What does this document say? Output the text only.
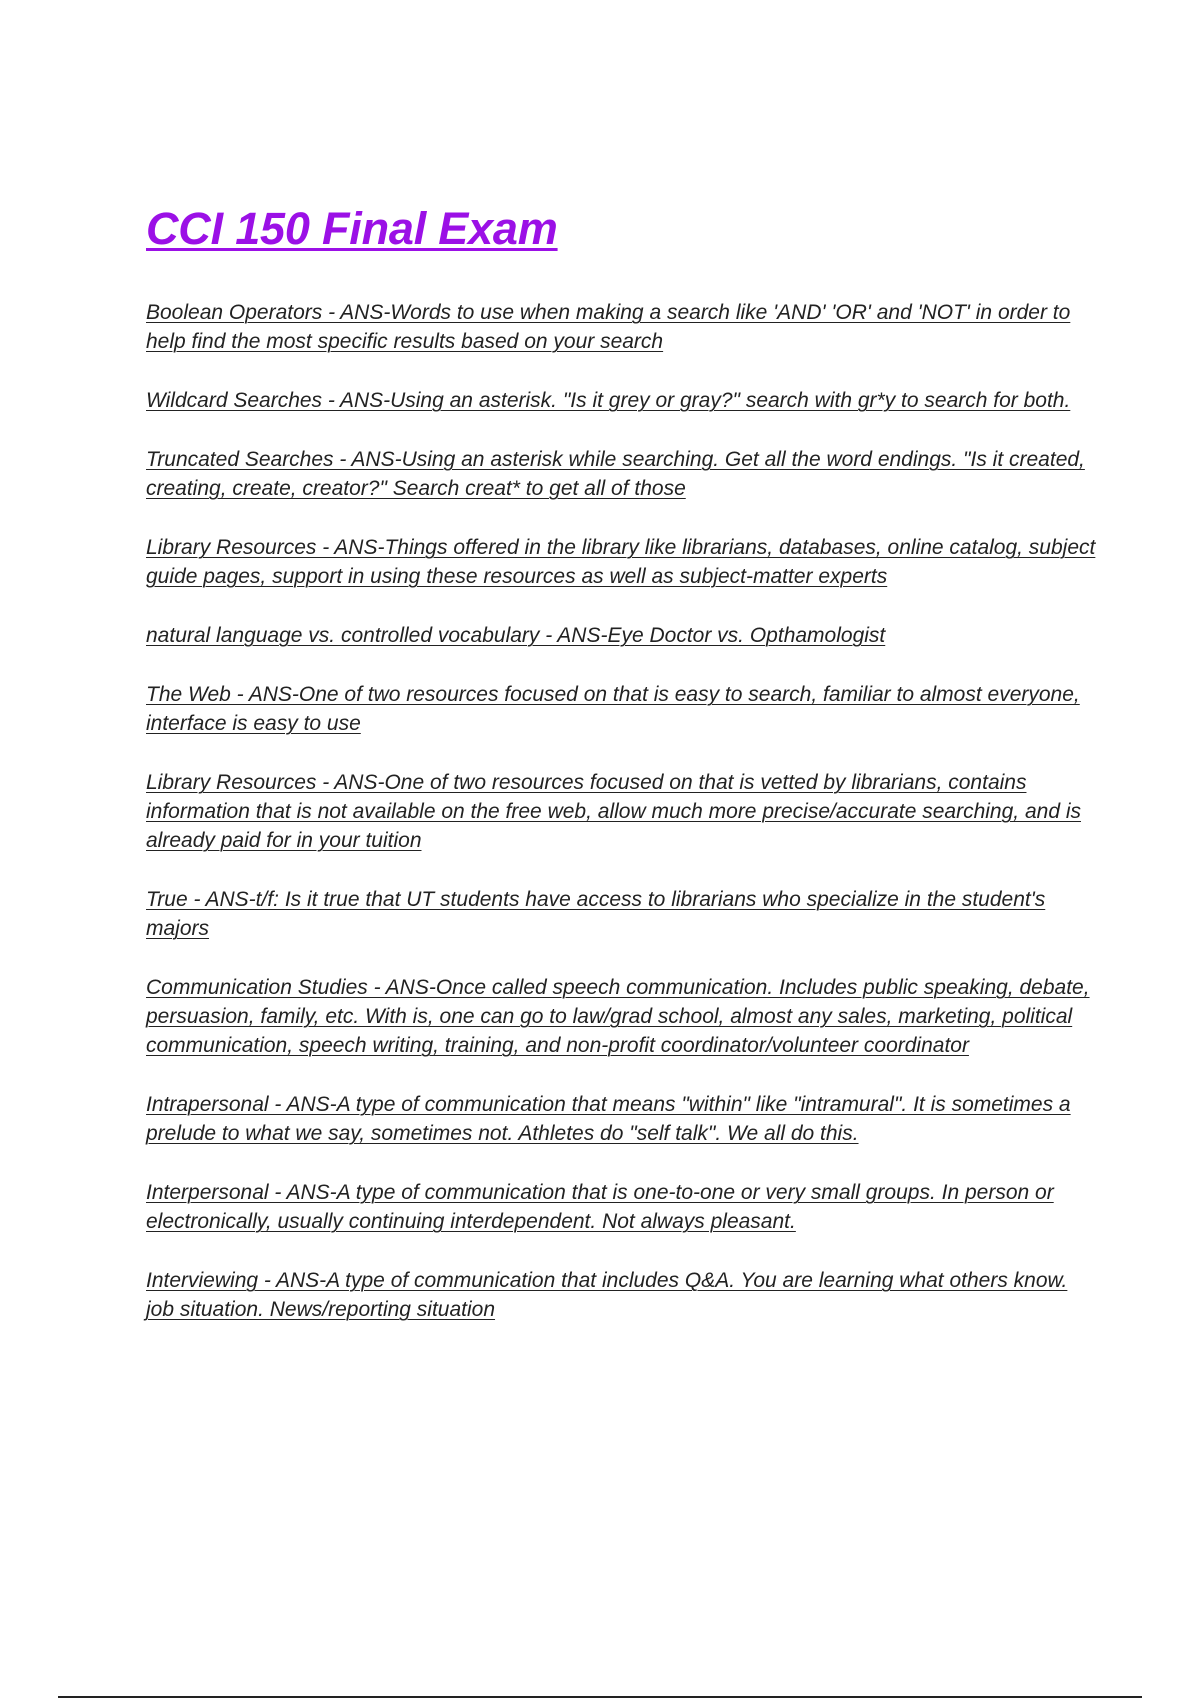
CCI 150 Final Exam

Boolean Operators - ANS-Words to use when making a search like 'AND' 'OR' and 'NOT' in order to help find the most specific results based on your search

Wildcard Searches - ANS-Using an asterisk. "Is it grey or gray?" search with gr*y to search for both.

Truncated Searches - ANS-Using an asterisk while searching. Get all the word endings. "Is it created, creating, create, creator?" Search creat* to get all of those

Library Resources - ANS-Things offered in the library like librarians, databases, online catalog, subject guide pages, support in using these resources as well as subject-matter experts

natural language vs. controlled vocabulary - ANS-Eye Doctor vs. Opthamologist

The Web - ANS-One of two resources focused on that is easy to search, familiar to almost everyone, interface is easy to use

Library Resources - ANS-One of two resources focused on that is vetted by librarians, contains information that is not available on the free web, allow much more precise/accurate searching, and is already paid for in your tuition

True - ANS-t/f: Is it true that UT students have access to librarians who specialize in the student's majors

Communication Studies - ANS-Once called speech communication. Includes public speaking, debate, persuasion, family, etc. With is, one can go to law/grad school, almost any sales, marketing, political communication, speech writing, training, and non-profit coordinator/volunteer coordinator

Intrapersonal - ANS-A type of communication that means "within" like "intramural". It is sometimes a prelude to what we say, sometimes not. Athletes do "self talk". We all do this.

Interpersonal - ANS-A type of communication that is one-to-one or very small groups. In person or electronically, usually continuing interdependent. Not always pleasant.

Interviewing - ANS-A type of communication that includes Q&A. You are learning what others know. job situation. News/reporting situation
